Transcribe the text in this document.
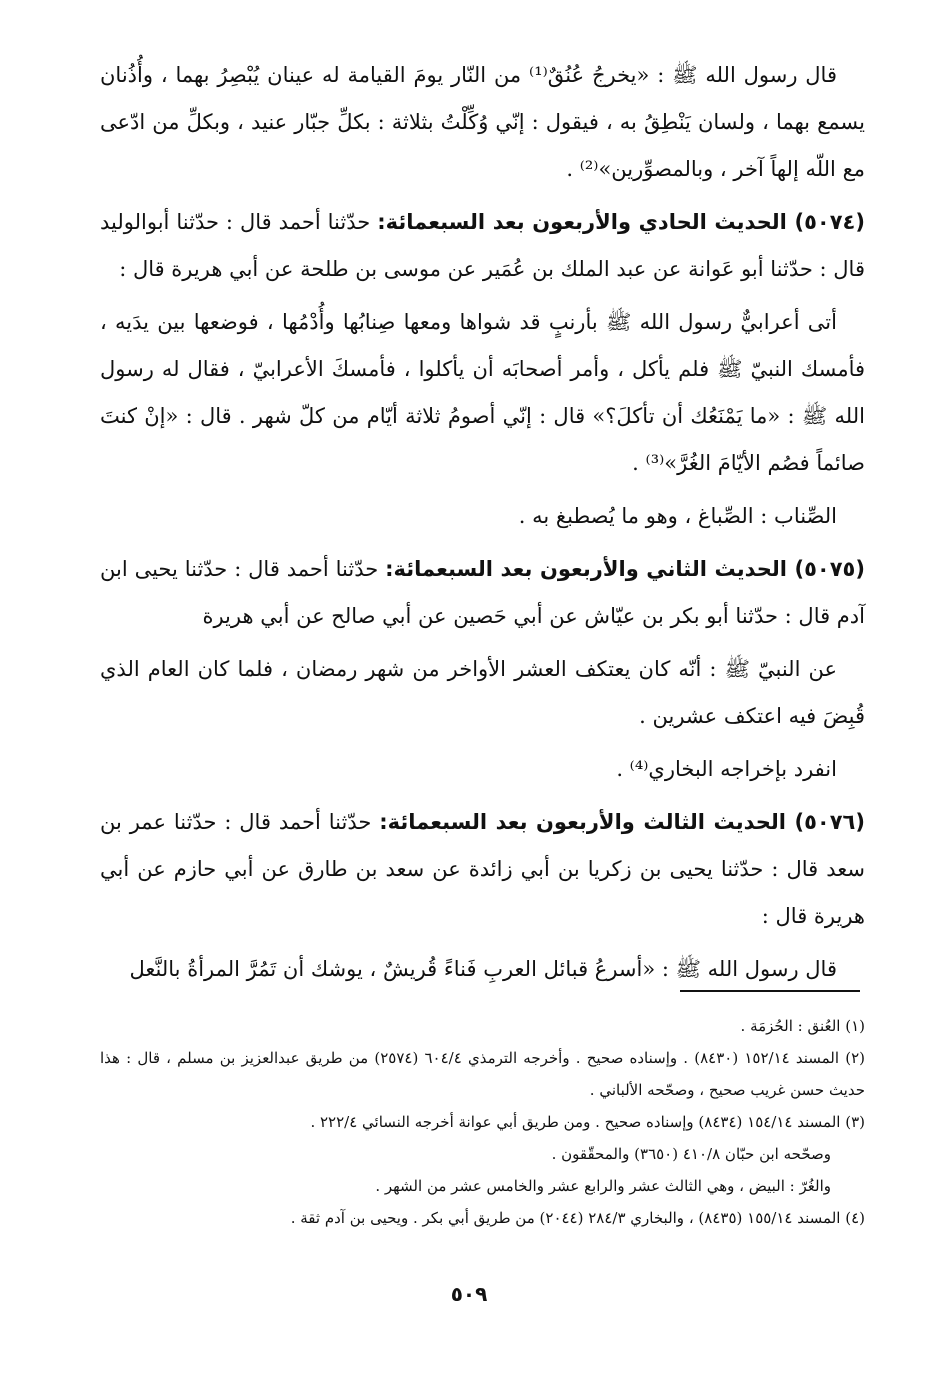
قال رسول الله ﷺ : «يخرجُ عُنُقٌ⁽¹⁾ من النّار يومَ القيامة له عينان يُبْصِرُ بهما ، وأُذُنان يسمع بهما ، ولسان يَنْطِقُ به ، فيقول : إنّي وُكِّلْتُ بثلاثة : بكلِّ جبّار عنيد ، وبكلِّ من ادّعى مع اللّه إلهاً آخر ، وبالمصوِّرين»⁽²⁾ .

(٥٠٧٤) الحديث الحادي والأربعون بعد السبعمائة: حدّثنا أحمد قال : حدّثنا أبوالوليد قال : حدّثنا أبو عَوانة عن عبد الملك بن عُمَير عن موسى بن طلحة عن أبي هريرة قال :

أتى أعرابيٌّ رسول الله ﷺ بأرنبٍ قد شواها ومعها صِنابُها وأُدْمُها ، فوضعها بين يدَيه ، فأمسك النبيّ ﷺ فلم يأكل ، وأمر أصحابَه أن يأكلوا ، فأمسكَ الأعرابيّ ، فقال له رسول الله ﷺ : «ما يَمْنَعُك أن تأكلَ؟» قال : إنّي أصومُ ثلاثة أيّام من كلّ شهر . قال : «إنْ كنتَ صائماً فصُم الأيّامَ الغُرَّ»⁽³⁾ .

الصِّناب : الصِّباغ ، وهو ما يُصطبغ به .

(٥٠٧٥) الحديث الثاني والأربعون بعد السبعمائة: حدّثنا أحمد قال : حدّثنا يحيى ابن آدم قال : حدّثنا أبو بكر بن عيّاش عن أبي حَصين عن أبي صالح عن أبي هريرة

عن النبيّ ﷺ : أنّه كان يعتكف العشر الأواخر من شهر رمضان ، فلما كان العام الذي قُبِضَ فيه اعتكف عشرين .

انفرد بإخراجه البخاري⁽⁴⁾ .

(٥٠٧٦) الحديث الثالث والأربعون بعد السبعمائة: حدّثنا أحمد قال : حدّثنا عمر بن سعد قال : حدّثنا يحيى بن زكريا بن أبي زائدة عن سعد بن طارق عن أبي حازم عن أبي هريرة قال :

قال رسول الله ﷺ : «أسرعُ قبائل العربِ فَناءً قُريشٌ ، يوشك أن تَمُرَّ المرأةُ بالنَّعل

(١) العُنق : الحُزمَة .

(٢) المسند ١٥٢/١٤ (٨٤٣٠) . وإسناده صحيح . وأخرجه الترمذي ٦٠٤/٤ (٢٥٧٤) من طريق عبدالعزيز بن مسلم ، قال : هذا حديث حسن غريب صحيح ، وصحّحه الألباني .

(٣) المسند ١٥٤/١٤ (٨٤٣٤) وإسناده صحيح . ومن طريق أبي عوانة أخرجه النسائي ٢٢٢/٤ .

وصحّحه ابن حبّان ٤١٠/٨ (٣٦٥٠) والمحقّقون .

والغُرّ : البيض ، وهي الثالث عشر والرابع عشر والخامس عشر من الشهر .

(٤) المسند ١٥٥/١٤ (٨٤٣٥) ، والبخاري ٢٨٤/٣ (٢٠٤٤) من طريق أبي بكر . ويحيى بن آدم ثقة .

٥٠٩
